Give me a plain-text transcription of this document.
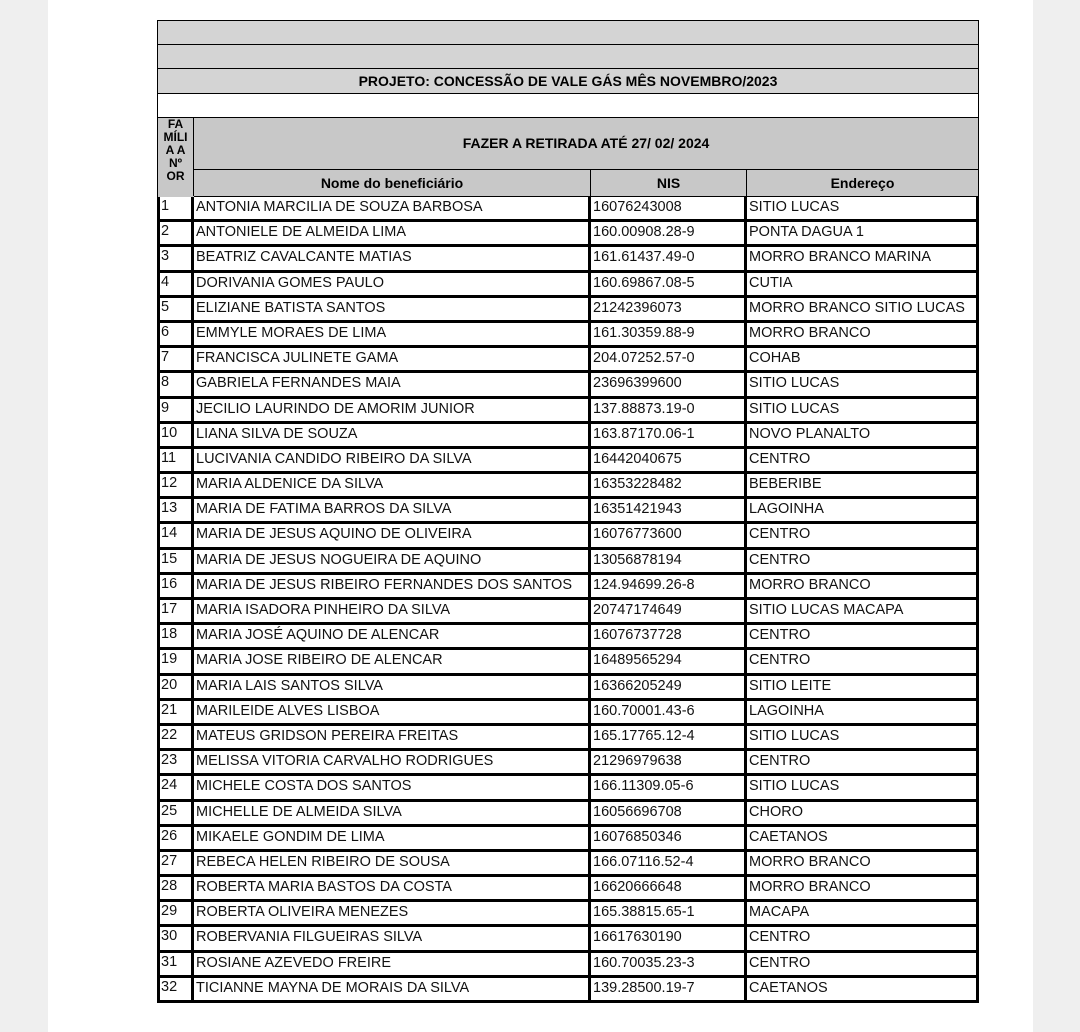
PROJETO: CONCESSÃO DE VALE GÁS MÊS NOVEMBRO/2023
FA
MÍLI
A A
Nº
OR
FAZER A RETIRADA ATÉ 27/ 02/ 2024
Nome do beneficiário	NIS	Endereço
1	ANTONIA MARCILIA DE SOUZA BARBOSA	16076243008	SITIO LUCAS
2	ANTONIELE DE ALMEIDA LIMA	160.00908.28-9	PONTA DAGUA 1
3	BEATRIZ CAVALCANTE MATIAS	161.61437.49-0	MORRO BRANCO MARINA
4	DORIVANIA GOMES PAULO	160.69867.08-5	CUTIA
5	ELIZIANE BATISTA SANTOS	21242396073	MORRO BRANCO SITIO LUCAS
6	EMMYLE MORAES DE LIMA	161.30359.88-9	MORRO BRANCO
7	FRANCISCA JULINETE GAMA	204.07252.57-0	COHAB
8	GABRIELA FERNANDES MAIA	23696399600	SITIO LUCAS
9	JECILIO LAURINDO DE AMORIM JUNIOR	137.88873.19-0	SITIO LUCAS
10	LIANA SILVA DE SOUZA	163.87170.06-1	NOVO PLANALTO
11	LUCIVANIA CANDIDO RIBEIRO DA SILVA	16442040675	CENTRO
12	MARIA ALDENICE DA SILVA	16353228482	BEBERIBE
13	MARIA DE FATIMA BARROS DA SILVA	16351421943	LAGOINHA
14	MARIA DE JESUS AQUINO DE OLIVEIRA	16076773600	CENTRO
15	MARIA DE JESUS NOGUEIRA DE AQUINO	13056878194	CENTRO
16	MARIA DE JESUS RIBEIRO FERNANDES DOS SANTOS	124.94699.26-8	MORRO BRANCO
17	MARIA ISADORA PINHEIRO DA SILVA	20747174649	SITIO LUCAS MACAPA
18	MARIA JOSÉ AQUINO DE ALENCAR	16076737728	CENTRO
19	MARIA JOSE RIBEIRO DE ALENCAR	16489565294	CENTRO
20	MARIA LAIS SANTOS SILVA	16366205249	SITIO LEITE
21	MARILEIDE ALVES LISBOA	160.70001.43-6	LAGOINHA
22	MATEUS GRIDSON PEREIRA FREITAS	165.17765.12-4	SITIO LUCAS
23	MELISSA VITORIA CARVALHO RODRIGUES	21296979638	CENTRO
24	MICHELE COSTA DOS SANTOS	166.11309.05-6	SITIO LUCAS
25	MICHELLE DE ALMEIDA SILVA	16056696708	CHORO
26	MIKAELE GONDIM DE LIMA	16076850346	CAETANOS
27	REBECA HELEN RIBEIRO DE SOUSA	166.07116.52-4	MORRO BRANCO
28	ROBERTA MARIA BASTOS DA COSTA	16620666648	MORRO BRANCO
29	ROBERTA OLIVEIRA MENEZES	165.38815.65-1	MACAPA
30	ROBERVANIA FILGUEIRAS SILVA	16617630190	CENTRO
31	ROSIANE AZEVEDO FREIRE	160.70035.23-3	CENTRO
32	TICIANNE MAYNA DE MORAIS DA SILVA	139.28500.19-7	CAETANOS
